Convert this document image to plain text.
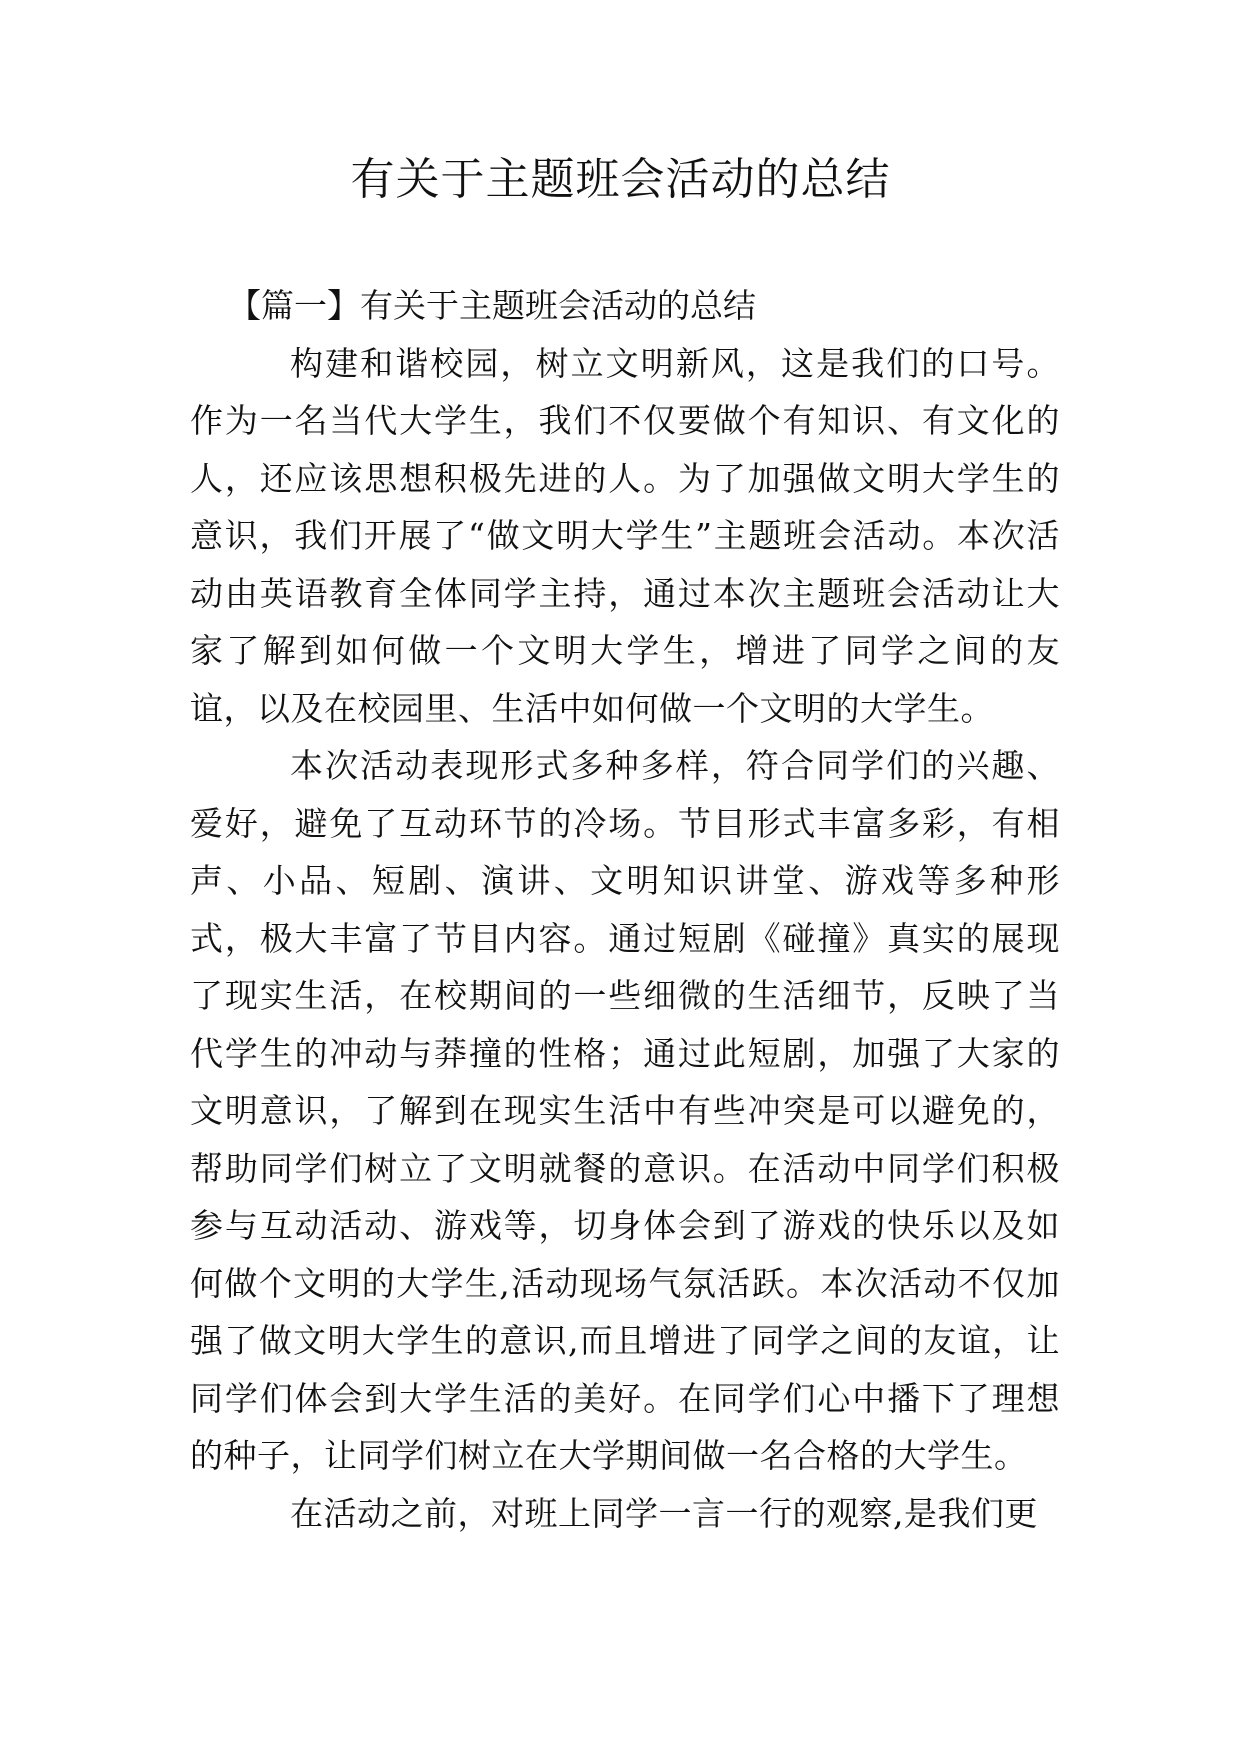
有关于主题班会活动的总结

【篇一】有关于主题班会活动的总结

构建和谐校园，树立文明新风，这是我们的口号。作为一名当代大学生，我们不仅要做个有知识、有文化的人，还应该思想积极先进的人。为了加强做文明大学生的意识，我们开展了“做文明大学生”主题班会活动。本次活动由英语教育全体同学主持，通过本次主题班会活动让大家了解到如何做一个文明大学生，增进了同学之间的友谊，以及在校园里、生活中如何做一个文明的大学生。

本次活动表现形式多种多样，符合同学们的兴趣、爱好，避免了互动环节的冷场。节目形式丰富多彩，有相声、小品、短剧、演讲、文明知识讲堂、游戏等多种形式，极大丰富了节目内容。通过短剧《碰撞》真实的展现了现实生活，在校期间的一些细微的生活细节，反映了当代学生的冲动与莽撞的性格；通过此短剧，加强了大家的文明意识，了解到在现实生活中有些冲突是可以避免的，帮助同学们树立了文明就餐的意识。在活动中同学们积极参与互动活动、游戏等，切身体会到了游戏的快乐以及如何做个文明的大学生,活动现场气氛活跃。本次活动不仅加强了做文明大学生的意识,而且增进了同学之间的友谊，让同学们体会到大学生活的美好。在同学们心中播下了理想的种子，让同学们树立在大学期间做一名合格的大学生。

在活动之前，对班上同学一言一行的观察,是我们更
